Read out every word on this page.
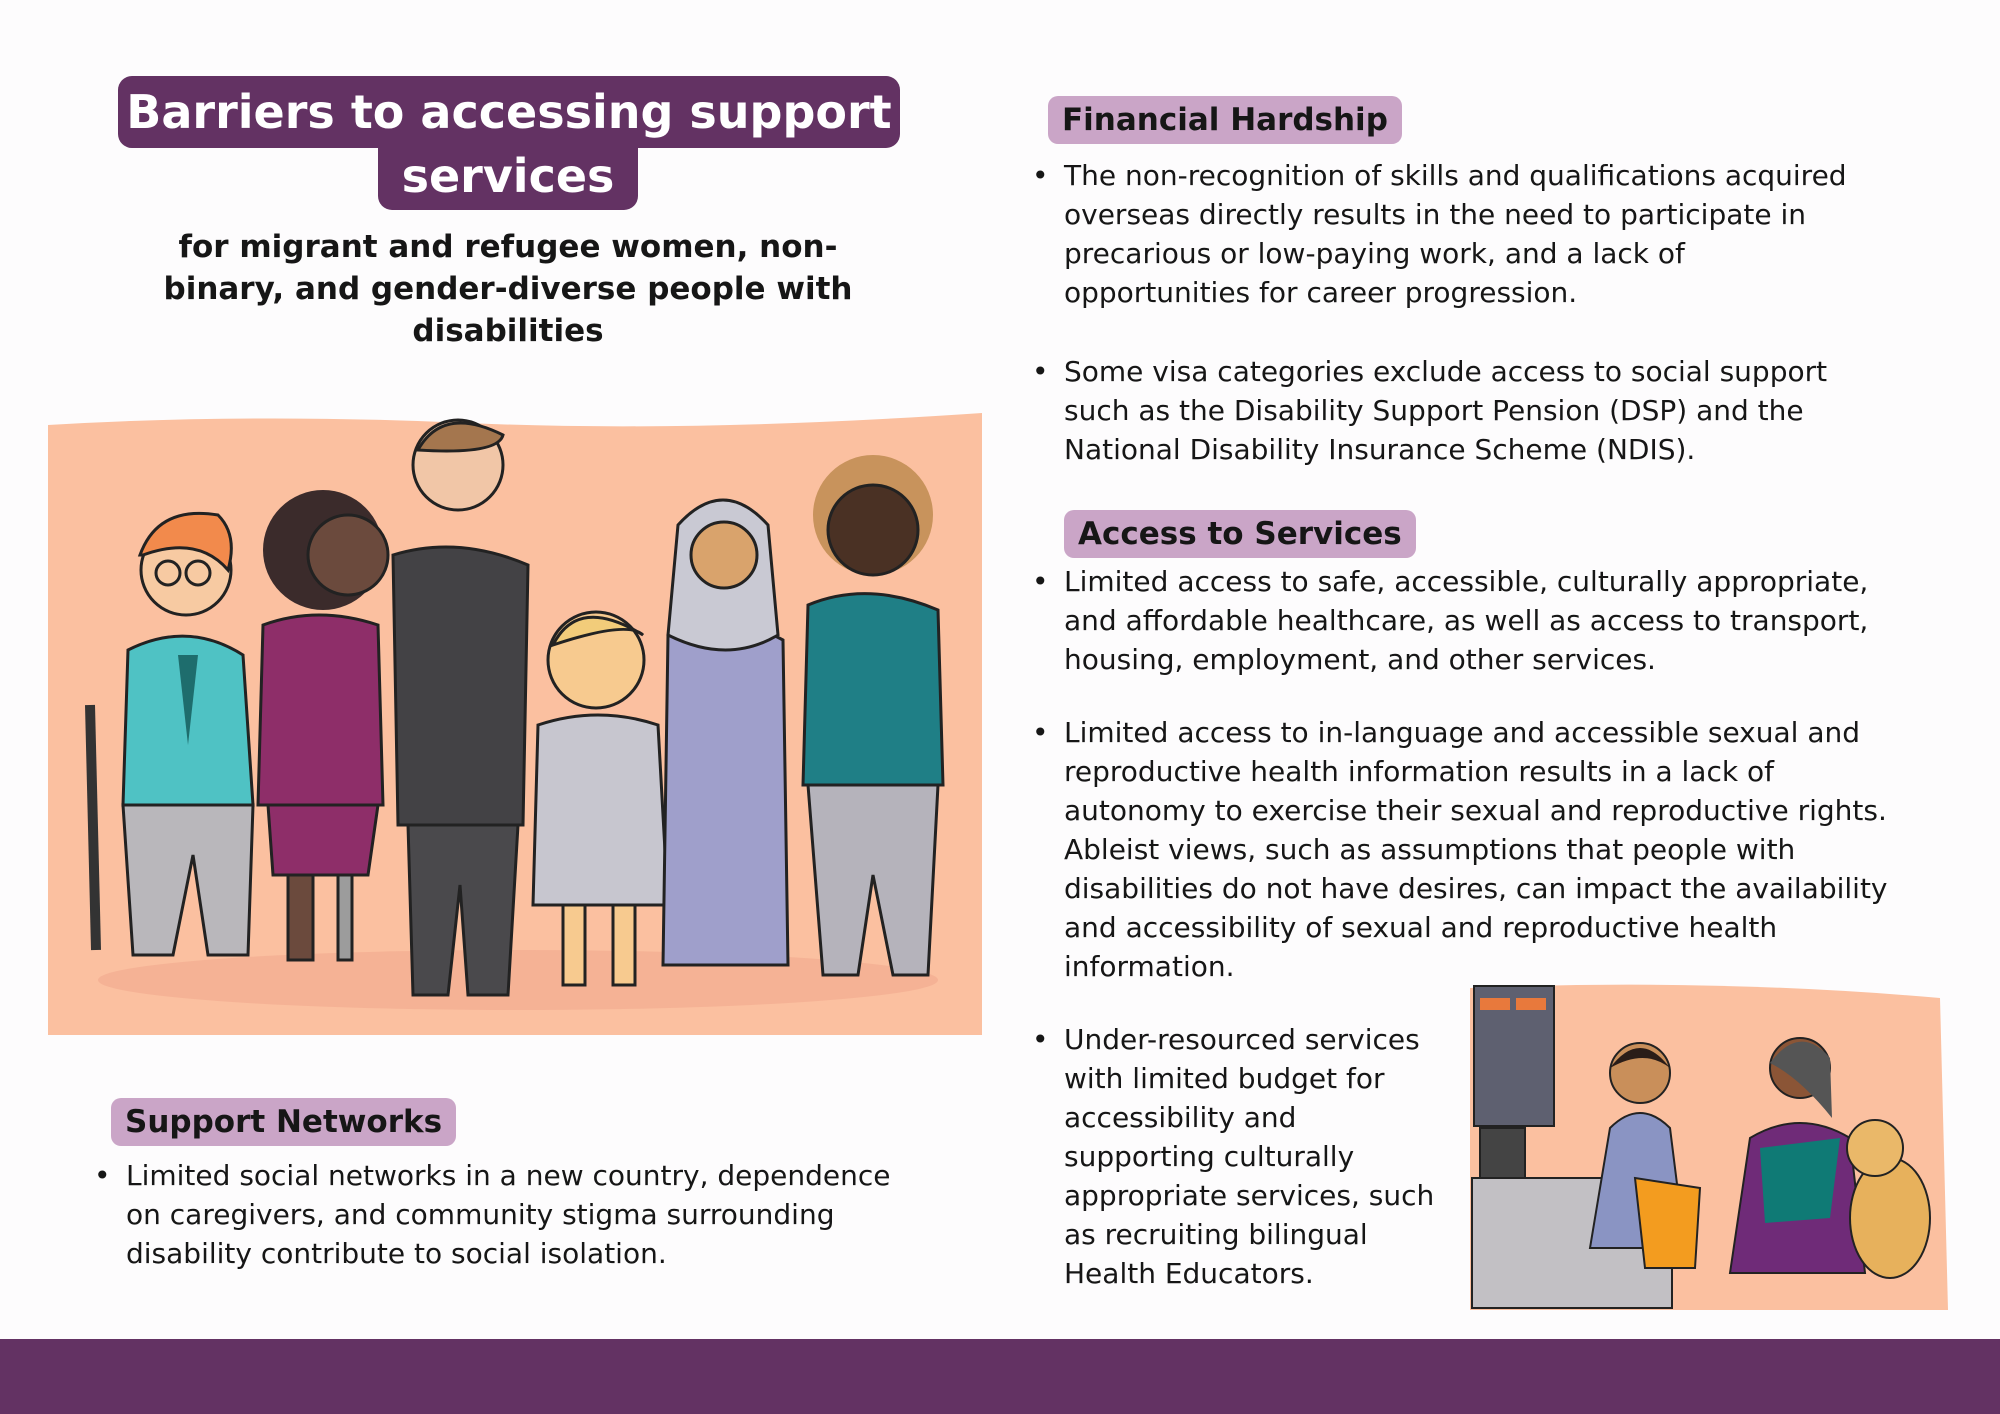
Barriers to accessing support
services
for migrant and refugee women, non-
binary, and gender-diverse people with
disabilities
Financial Hardship
• The non-recognition of skills and qualifications acquired
overseas directly results in the need to participate in
precarious or low-paying work, and a lack of
opportunities for career progression.
• Some visa categories exclude access to social support
such as the Disability Support Pension (DSP) and the
National Disability Insurance Scheme (NDIS).
Access to Services
• Limited access to safe, accessible, culturally appropriate,
and affordable healthcare, as well as access to transport,
housing, employment, and other services.
• Limited access to in-language and accessible sexual and
reproductive health information results in a lack of
autonomy to exercise their sexual and reproductive rights.
Ableist views, such as assumptions that people with
disabilities do not have desires, can impact the availability
and accessibility of sexual and reproductive health
information.
• Under-resourced services
with limited budget for
accessibility and
supporting culturally
appropriate services, such
as recruiting bilingual
Health Educators.
Support Networks
• Limited social networks in a new country, dependence
on caregivers, and community stigma surrounding
disability contribute to social isolation.
